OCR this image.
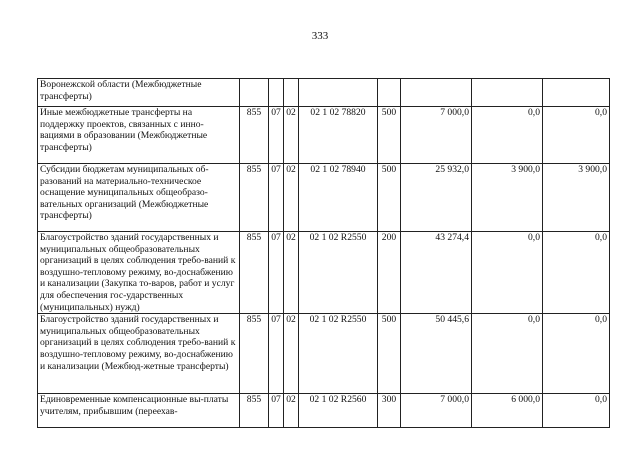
333
Воронежской области (Межбюджетные трансферты)								
Иные межбюджетные трансферты на поддержку проектов, связанных с инно-вациями в образовании (Межбюджетные трансферты)	855	07	02	02 1 02 78820	500	7 000,0	0,0	0,0
Субсидии бюджетам муниципальных об-разований на материально-техническое оснащение муниципальных общеобразо-вательных организаций (Межбюджетные трансферты)	855	07	02	02 1 02 78940	500	25 932,0	3 900,0	3 900,0
Благоустройство зданий государственных и муниципальных общеобразовательных организаций в целях соблюдения требо-ваний к воздушно-тепловому режиму, во-доснабжению и канализации (Закупка то-варов, работ и услуг для обеспечения гос-ударственных (муниципальных) нужд)	855	07	02	02 1 02 R2550	200	43 274,4	0,0	0,0
Благоустройство зданий государственных и муниципальных общеобразовательных организаций в целях соблюдения требо-ваний к воздушно-тепловому режиму, во-доснабжению и канализации (Межбюд-жетные трансферты)	855	07	02	02 1 02 R2550	500	50 445,6	0,0	0,0
Единовременные компенсационные вы-платы учителям, прибывшим (переехав-	855	07	02	02 1 02 R2560	300	7 000,0	6 000,0	0,0
